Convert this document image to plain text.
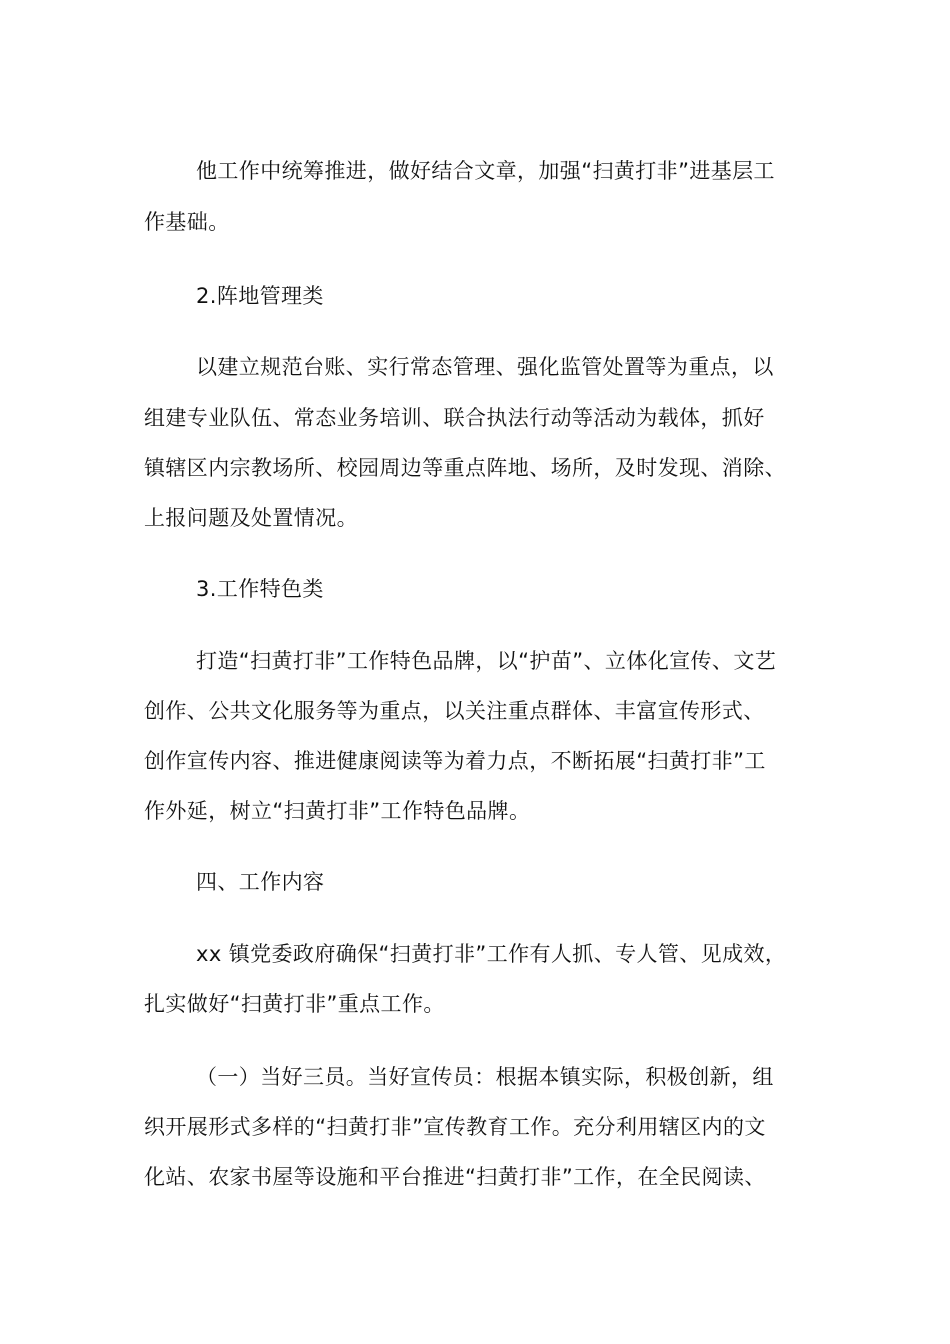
他工作中统筹推进，做好结合文章，加强“扫黄打非”进基层工
作基础。
2.阵地管理类
以建立规范台账、实行常态管理、强化监管处置等为重点，以
组建专业队伍、常态业务培训、联合执法行动等活动为载体，抓好
镇辖区内宗教场所、校园周边等重点阵地、场所，及时发现、消除、
上报问题及处置情况。
3.工作特色类
打造“扫黄打非”工作特色品牌，以“护苗”、立体化宣传、文艺
创作、公共文化服务等为重点，以关注重点群体、丰富宣传形式、
创作宣传内容、推进健康阅读等为着力点，不断拓展“扫黄打非”工
作外延，树立“扫黄打非”工作特色品牌。
四、工作内容
xx 镇党委政府确保“扫黄打非”工作有人抓、专人管、见成效，
扎实做好“扫黄打非”重点工作。
（一）当好三员。当好宣传员：根据本镇实际，积极创新，组
织开展形式多样的“扫黄打非”宣传教育工作。充分利用辖区内的文
化站、农家书屋等设施和平台推进“扫黄打非”工作，在全民阅读、
